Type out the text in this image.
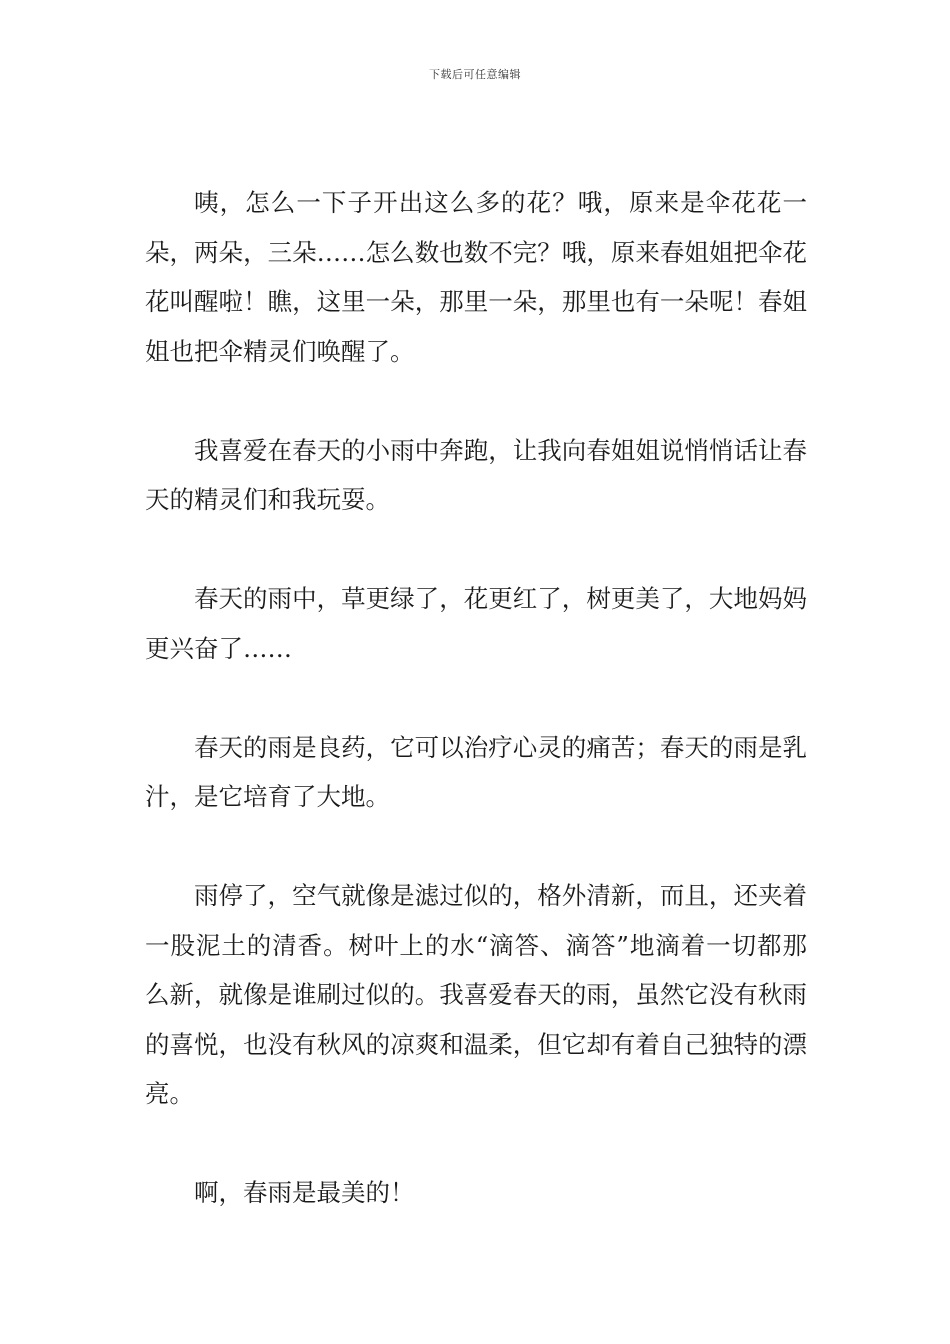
下载后可任意编辑

咦，怎么一下子开出这么多的花？哦，原来是伞花花一朵，两朵，三朵……怎么数也数不完？哦，原来春姐姐把伞花花叫醒啦！瞧，这里一朵，那里一朵，那里也有一朵呢！春姐姐也把伞精灵们唤醒了。

我喜爱在春天的小雨中奔跑，让我向春姐姐说悄悄话让春天的精灵们和我玩耍。

春天的雨中，草更绿了，花更红了，树更美了，大地妈妈更兴奋了……

春天的雨是良药，它可以治疗心灵的痛苦；春天的雨是乳汁，是它培育了大地。

雨停了，空气就像是滤过似的，格外清新，而且，还夹着一股泥土的清香。树叶上的水“滴答、滴答”地滴着一切都那么新，就像是谁刷过似的。我喜爱春天的雨，虽然它没有秋雨的喜悦，也没有秋风的凉爽和温柔，但它却有着自己独特的漂亮。

啊，春雨是最美的！
